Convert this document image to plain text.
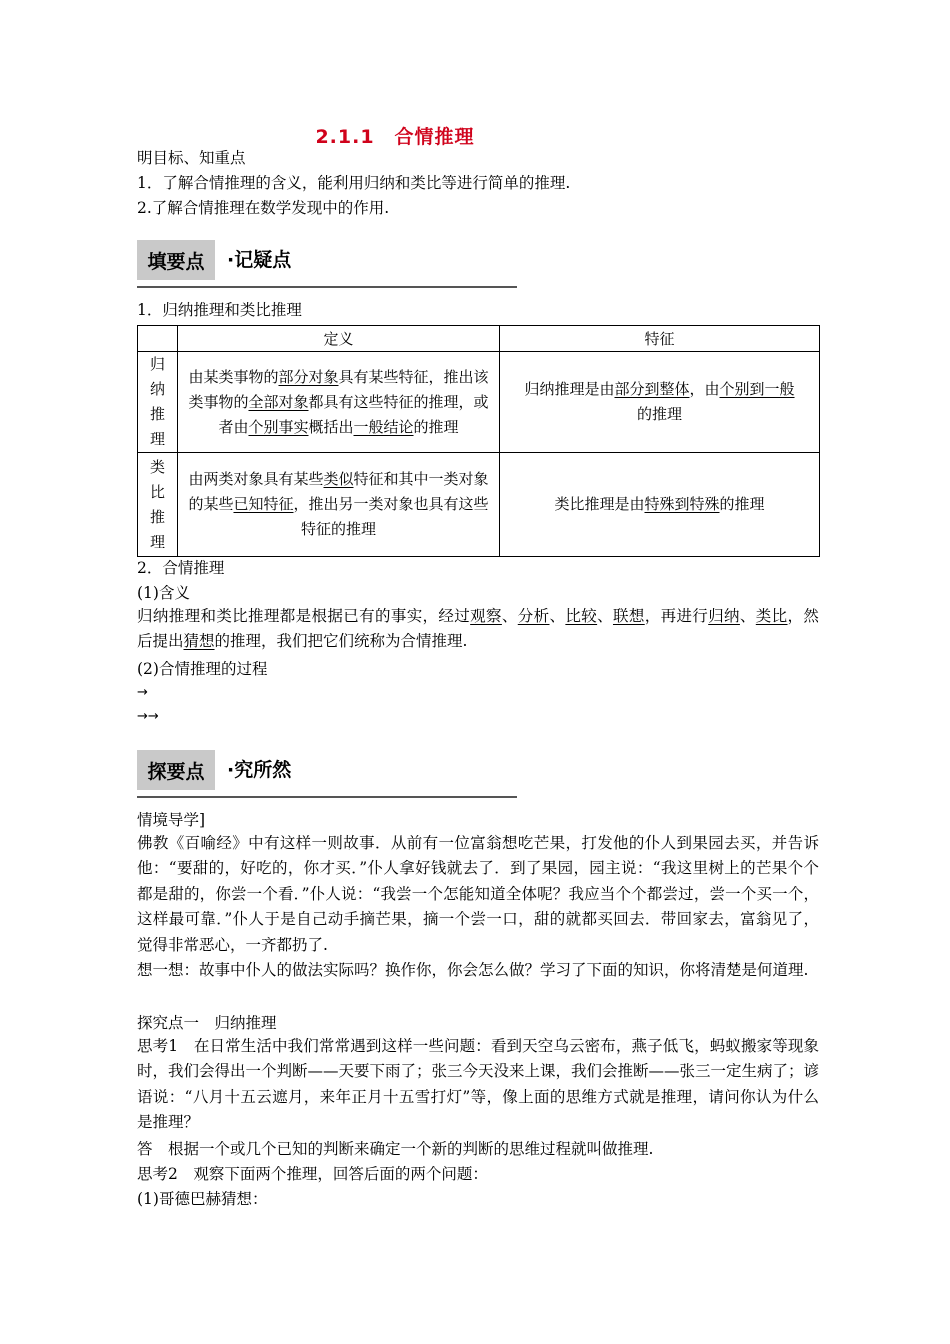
2.1.1　合情推理
明目标、知重点
1．了解合情推理的含义，能利用归纳和类比等进行简单的推理.
2.了解合情推理在数学发现中的作用.
填要点	·记疑点
1．归纳推理和类比推理
	定义	特征
归纳推理	由某类事物的部分对象具有某些特征，推出该类事物的全部对象都具有这些特征的推理，或者由个别事实概括出一般结论的推理	归纳推理是由部分到整体，由个别到一般
的推理
类比推理	由两类对象具有某些类似特征和其中一类对象的某些已知特征，推出另一类对象也具有这些特征的推理	类比推理是由特殊到特殊的推理
2．合情推理
(1)含义
归纳推理和类比推理都是根据已有的事实，经过观察、分析、比较、联想，再进行归纳、类比，然后提出猜想的推理，我们把它们统称为合情推理.
(2)合情推理的过程
→
→→
探要点	·究所然
情境导学]
佛教《百喻经》中有这样一则故事．从前有一位富翁想吃芒果，打发他的仆人到果园去买，并告诉他：“要甜的，好吃的，你才买．”仆人拿好钱就去了．到了果园，园主说：“我这里树上的芒果个个都是甜的，你尝一个看．”仆人说：“我尝一个怎能知道全体呢？我应当个个都尝过，尝一个买一个，这样最可靠．”仆人于是自己动手摘芒果，摘一个尝一口，甜的就都买回去．带回家去，富翁见了，觉得非常恶心，一齐都扔了.
想一想：故事中仆人的做法实际吗？换作你，你会怎么做？学习了下面的知识，你将清楚是何道理.
探究点一　归纳推理
思考1　在日常生活中我们常常遇到这样一些问题：看到天空乌云密布，燕子低飞，蚂蚁搬家等现象时，我们会得出一个判断——天要下雨了；张三今天没来上课，我们会推断——张三一定生病了；谚语说：“八月十五云遮月，来年正月十五雪打灯”等，像上面的思维方式就是推理，请问你认为什么是推理？
答　根据一个或几个已知的判断来确定一个新的判断的思维过程就叫做推理.
思考2　观察下面两个推理，回答后面的两个问题：
(1)哥德巴赫猜想：
